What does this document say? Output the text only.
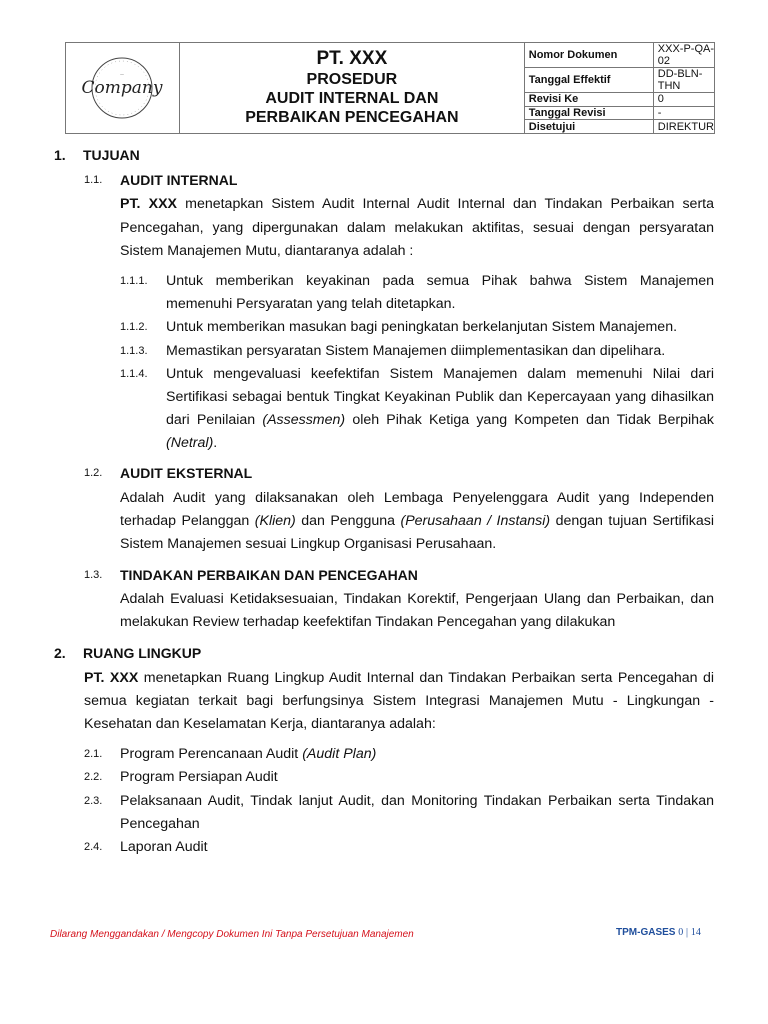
Company
—
PT. XXX
PROSEDUR
AUDIT INTERNAL DAN
PERBAIKAN PENCEGAHAN
Nomor Dokumen	XXX-P-QA-02
Tanggal Effektif	DD-BLN-THN
Revisi Ke	0
Tanggal Revisi	-
Disetujui	DIREKTUR
1. TUJUAN
1.1. AUDIT INTERNAL
PT. XXX menetapkan Sistem Audit Internal Audit Internal dan Tindakan Perbaikan serta
Pencegahan, yang dipergunakan dalam melakukan aktifitas, sesuai dengan persyaratan
Sistem Manajemen Mutu, diantaranya adalah :
1.1.1. Untuk memberikan keyakinan pada semua Pihak bahwa Sistem Manajemen
memenuhi Persyaratan yang telah ditetapkan.
1.1.2. Untuk memberikan masukan bagi peningkatan berkelanjutan Sistem Manajemen.
1.1.3. Memastikan persyaratan Sistem Manajemen diimplementasikan dan dipelihara.
1.1.4. Untuk mengevaluasi keefektifan Sistem Manajemen dalam memenuhi Nilai dari
Sertifikasi sebagai bentuk Tingkat Keyakinan Publik dan Kepercayaan yang dihasilkan
dari Penilaian (Assessmen) oleh Pihak Ketiga yang Kompeten dan Tidak Berpihak
(Netral).
1.2. AUDIT EKSTERNAL
Adalah Audit yang dilaksanakan oleh Lembaga Penyelenggara Audit yang Independen
terhadap Pelanggan (Klien) dan Pengguna (Perusahaan / Instansi) dengan tujuan Sertifikasi
Sistem Manajemen sesuai Lingkup Organisasi Perusahaan.
1.3. TINDAKAN PERBAIKAN DAN PENCEGAHAN
Adalah Evaluasi Ketidaksesuaian, Tindakan Korektif, Pengerjaan Ulang dan Perbaikan, dan
melakukan Review terhadap keefektifan Tindakan Pencegahan yang dilakukan
2. RUANG LINGKUP
PT. XXX menetapkan Ruang Lingkup Audit Internal dan Tindakan Perbaikan serta Pencegahan di
semua kegiatan terkait bagi berfungsinya Sistem Integrasi Manajemen Mutu - Lingkungan -
Kesehatan dan Keselamatan Kerja, diantaranya adalah:
2.1. Program Perencanaan Audit (Audit Plan)
2.2. Program Persiapan Audit
2.3. Pelaksanaan Audit, Tindak lanjut Audit, dan Monitoring Tindakan Perbaikan serta Tindakan
Pencegahan
2.4. Laporan Audit
Dilarang Menggandakan / Mengcopy Dokumen Ini Tanpa Persetujuan Manajemen	TPM-GASES 0 | 14
